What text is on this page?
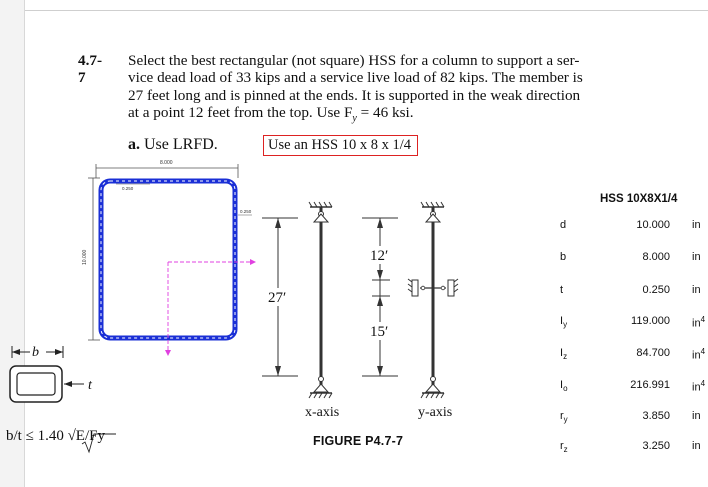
4.7-7
Select the best rectangular (not square) HSS for a column to support a ser-
vice dead load of 33 kips and a service live load of 82 kips. The member is
27 feet long and is pinned at the ends. It is supported in the weak direction
at a point 12 feet from the top. Use $F_y = 46$ ksi.
a. Use LRFD.	Use an HSS 10 x 8 x 1/4
8.000
10.000
0.250
0.250
b
t
27′
12′
15′
x-axis	y-axis
FIGURE P4.7-7
b/t ≤ 1.40 √E/Fy
HSS 10X8X1/4
d	10.000 in
b	8.000 in
t	0.250 in
$I_y$	119.000 $in^4$
$I_z$	84.700 $in^4$
$I_o$	216.991 $in^4$
$r_y$	3.850 in
$r_z$	3.250 in
